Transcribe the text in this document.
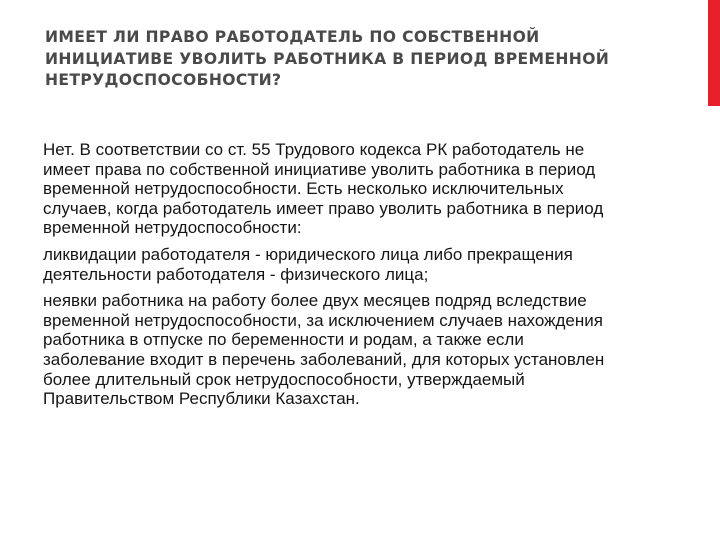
ИМЕЕТ ЛИ ПРАВО РАБОТОДАТЕЛЬ ПО СОБСТВЕННОЙ ИНИЦИАТИВЕ УВОЛИТЬ РАБОТНИКА В ПЕРИОД ВРЕМЕННОЙ НЕТРУДОСПОСОБНОСТИ?

Нет. В соответствии со ст. 55 Трудового кодекса РК работодатель не имеет права по собственной инициативе уволить работника в период временной нетрудоспособности. Есть несколько исключительных случаев, когда работодатель имеет право уволить работника в период временной нетрудоспособности:

ликвидации работодателя - юридического лица либо прекращения деятельности работодателя - физического лица;

неявки работника на работу более двух месяцев подряд вследствие временной нетрудоспособности, за исключением случаев нахождения работника в отпуске по беременности и родам, а также если заболевание входит в перечень заболеваний, для которых установлен более длительный срок нетрудоспособности, утверждаемый Правительством Республики Казахстан.
